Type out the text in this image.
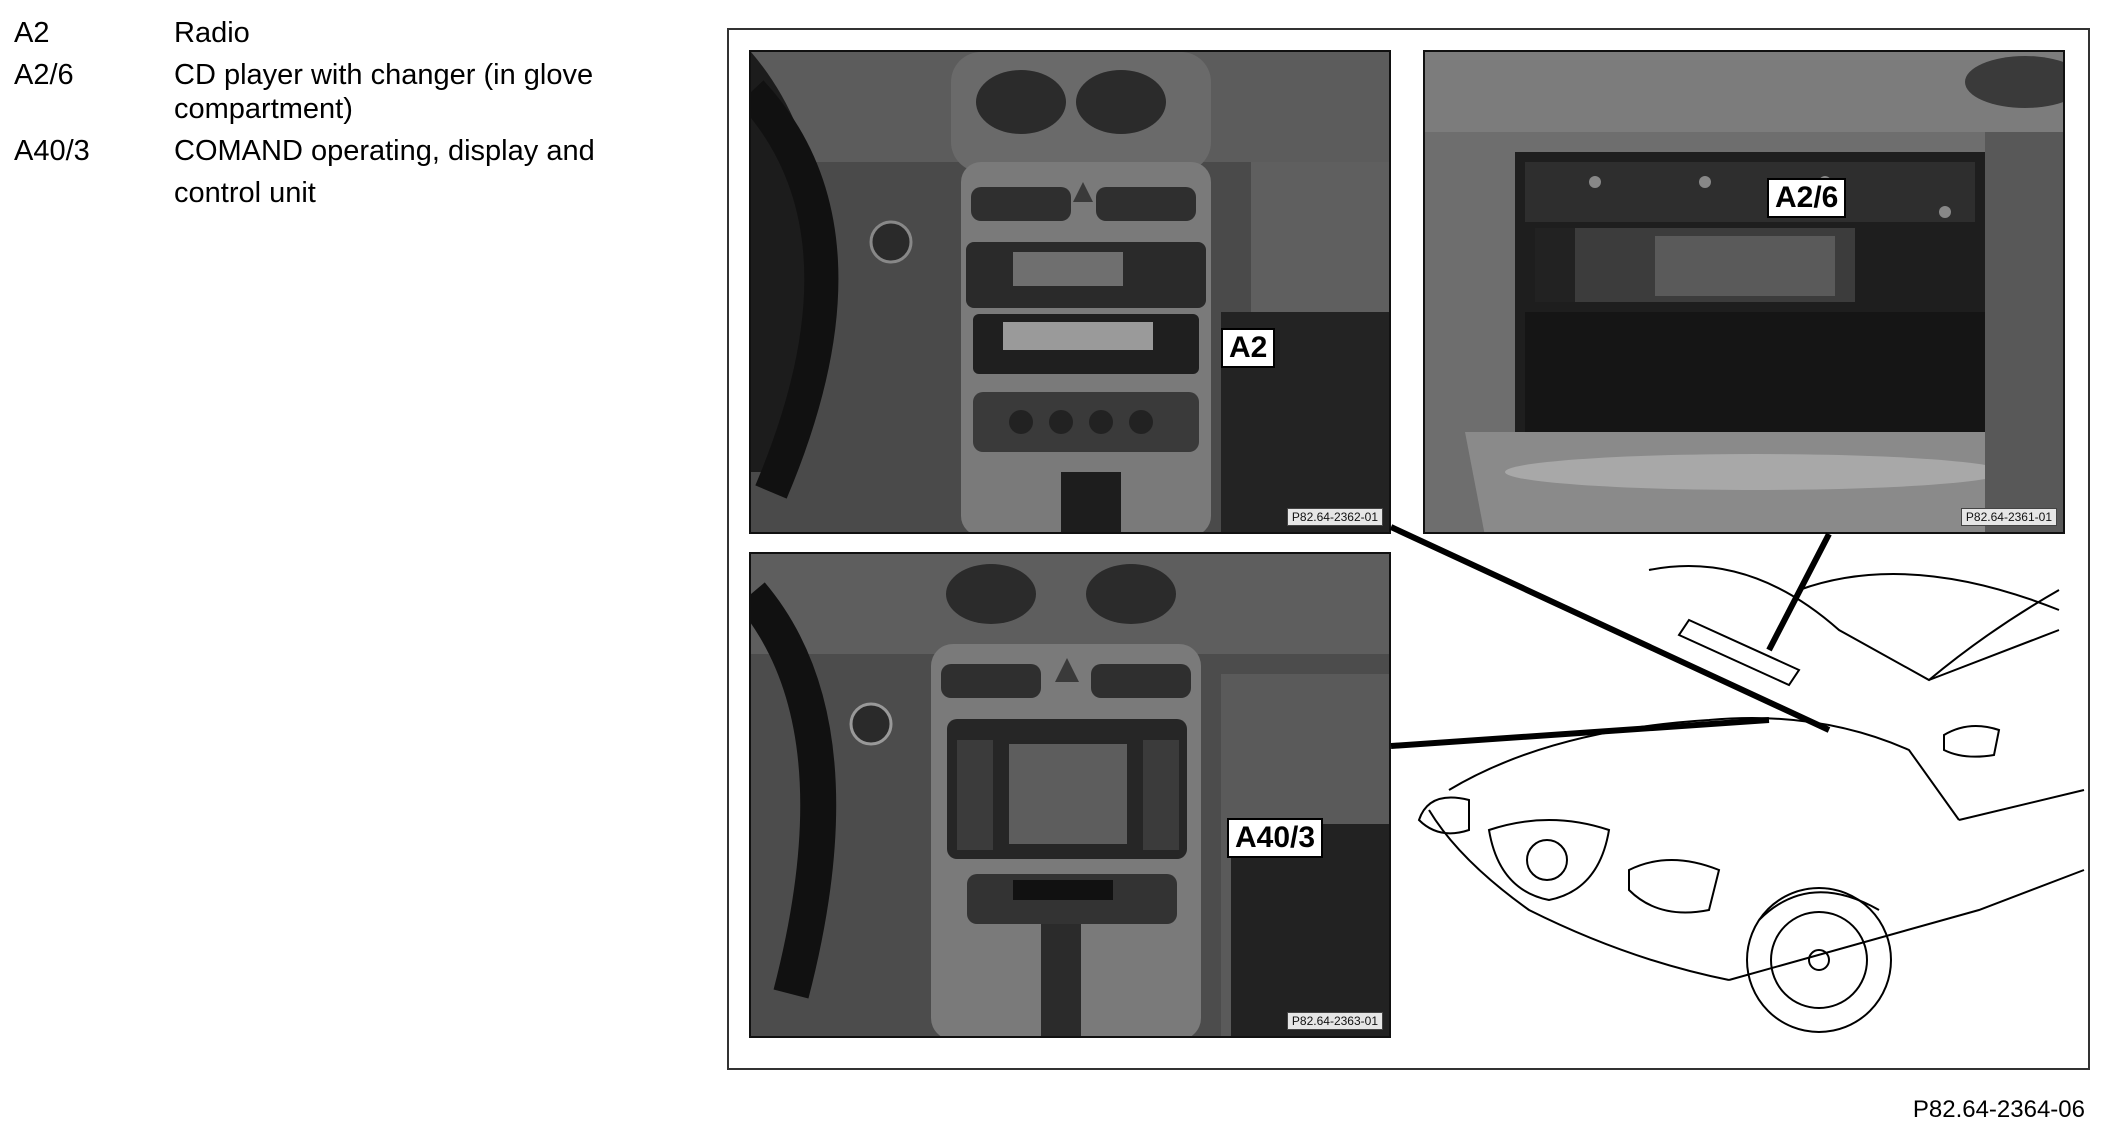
A2	Radio
A2/6	CD player with changer (in glove compartment)
A40/3	COMAND operating, display and control unit
A2
P82.64-2362-01
A2/6
P82.64-2361-01
A40/3
P82.64-2363-01
P82.64-2364-06
